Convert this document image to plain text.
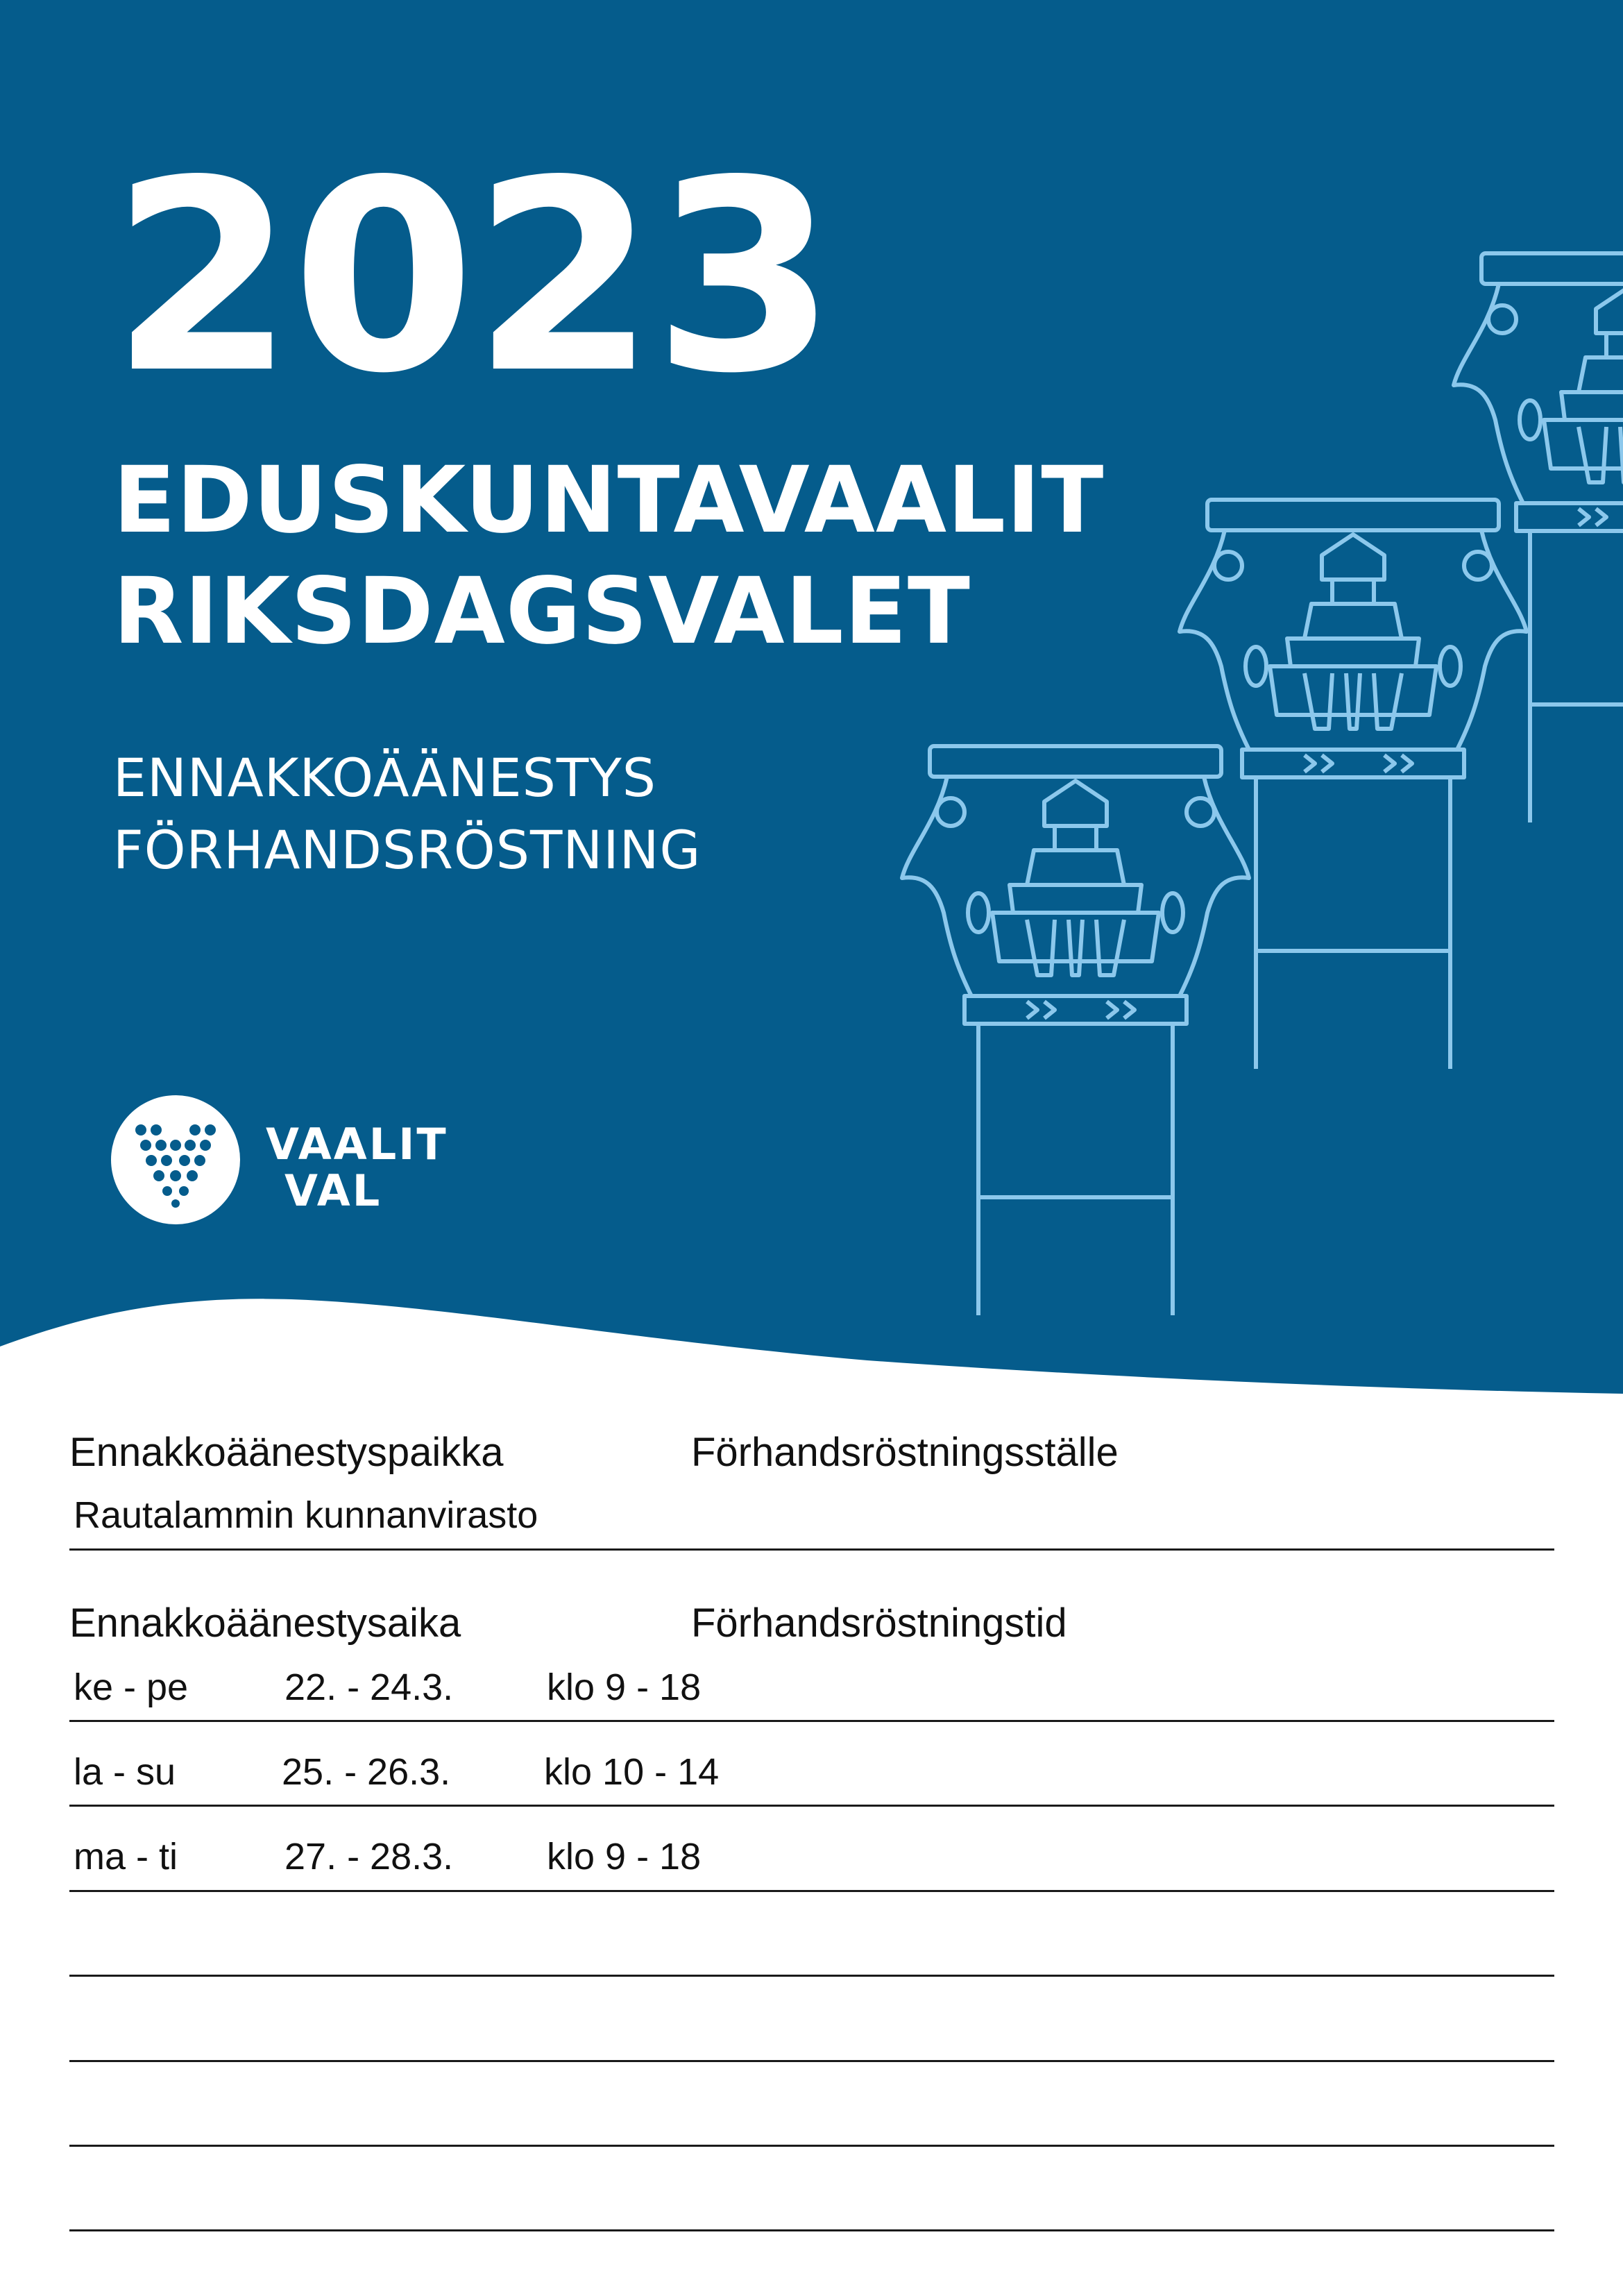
2023
EDUSKUNTAVAALIT
RIKSDAGSVALET
ENNAKKOÄÄNESTYS
FÖRHANDSRÖSTNING
VAALIT
VAL
Ennakkoäänestyspaikka	Förhandsröstningsställe
Rautalammin kunnanvirasto
Ennakkoäänestysaika	Förhandsröstningstid
ke - pe	22. - 24.3. klo 9 - 18
la - su	25. - 26.3. klo 10 - 14
ma - ti	27. - 28.3. klo 9 - 18
